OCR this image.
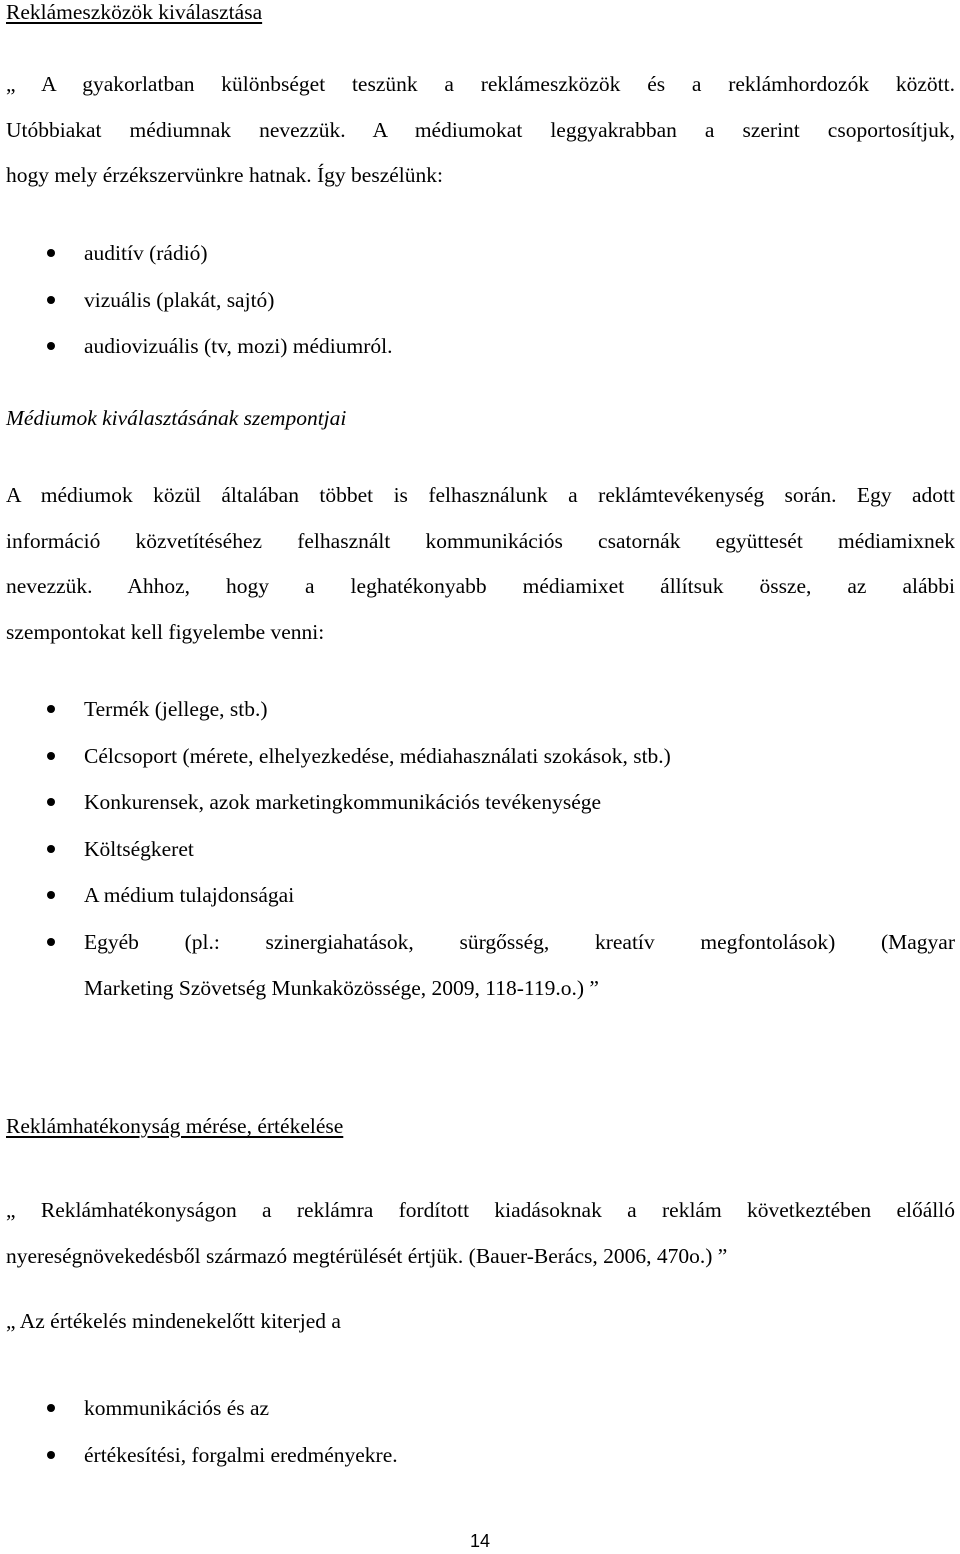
Reklámeszközök kiválasztása
„ A gyakorlatban különbséget teszünk a reklámeszközök és a reklámhordozók között.
Utóbbiakat médiumnak nevezzük. A médiumokat leggyakrabban a szerint csoportosítjuk,
hogy mely érzékszervünkre hatnak. Így beszélünk:
auditív (rádió)
vizuális (plakát, sajtó)
audiovizuális (tv, mozi) médiumról.
Médiumok kiválasztásának szempontjai
A médiumok közül általában többet is felhasználunk a reklámtevékenység során. Egy adott
információ közvetítéséhez felhasznált kommunikációs csatornák együttesét médiamixnek
nevezzük. Ahhoz, hogy a leghatékonyabb médiamixet állítsuk össze, az alábbi
szempontokat kell figyelembe venni:
Termék (jellege, stb.)
Célcsoport (mérete, elhelyezkedése, médiahasználati szokások, stb.)
Konkurensek, azok marketingkommunikációs tevékenysége
Költségkeret
A médium tulajdonságai
Egyéb (pl.: szinergiahatások, sürgősség, kreatív megfontolások) (Magyar
Marketing Szövetség Munkaközössége, 2009, 118-119.o.) ”
Reklámhatékonyság mérése, értékelése
„ Reklámhatékonyságon a reklámra fordított kiadásoknak a reklám következtében előálló
nyereségnövekedésből származó megtérülését értjük. (Bauer-Berács, 2006, 470o.) ”
„ Az értékelés mindenekelőtt kiterjed a
kommunikációs és az
értékesítési, forgalmi eredményekre.
14
